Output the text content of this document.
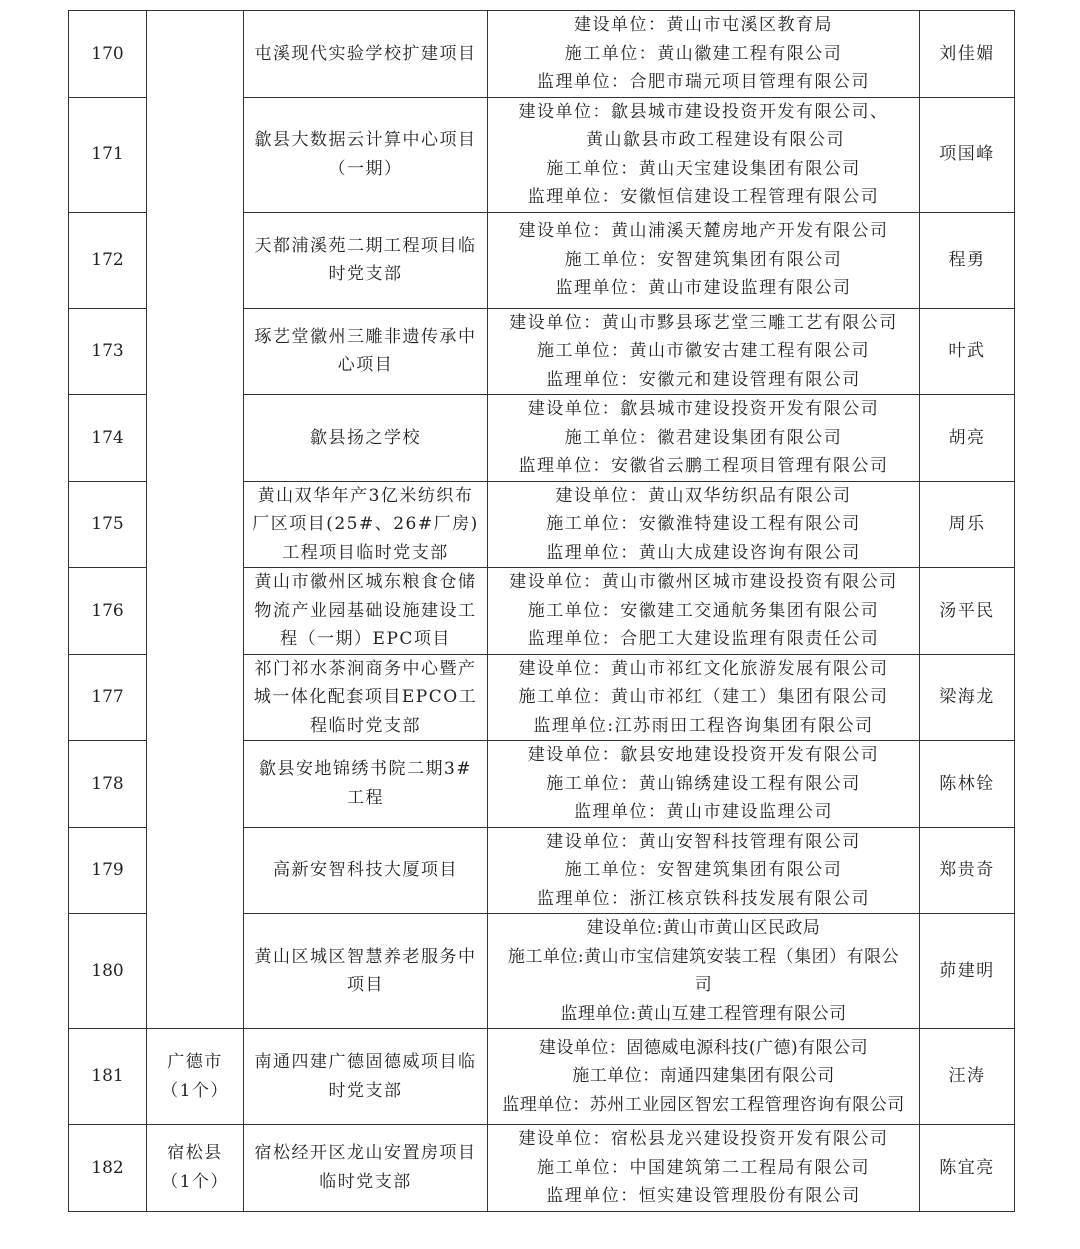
170		屯溪现代实验学校扩建项目	建设单位：黄山市屯溪区教育局
施工单位：黄山徽建工程有限公司
监理单位：合肥市瑞元项目管理有限公司	刘佳媚
171		歙县大数据云计算中心项目（一期）	建设单位：歙县城市建设投资开发有限公司、
黄山歙县市政工程建设有限公司
施工单位：黄山天宝建设集团有限公司
监理单位：安徽恒信建设工程管理有限公司	项国峰
172		天都浦溪苑二期工程项目临时党支部	建设单位：黄山浦溪天麓房地产开发有限公司
施工单位：安智建筑集团有限公司
监理单位：黄山市建设监理有限公司	程勇
173		琢艺堂徽州三雕非遗传承中心项目	建设单位：黄山市黟县琢艺堂三雕工艺有限公司
施工单位：黄山市徽安古建工程有限公司
监理单位：安徽元和建设管理有限公司	叶武
174		歙县扬之学校	建设单位：歙县城市建设投资开发有限公司
施工单位：徽君建设集团有限公司
监理单位：安徽省云鹏工程项目管理有限公司	胡亮
175		黄山双华年产3亿米纺织布厂区项目(25#、26#厂房)工程项目临时党支部	建设单位：黄山双华纺织品有限公司
施工单位：安徽淮特建设工程有限公司
监理单位：黄山大成建设咨询有限公司	周乐
176		黄山市徽州区城东粮食仓储物流产业园基础设施建设工程（一期）EPC项目	建设单位：黄山市徽州区城市建设投资有限公司
施工单位：安徽建工交通航务集团有限公司
监理单位：合肥工大建设监理有限责任公司	汤平民
177		祁门祁水茶涧商务中心暨产城一体化配套项目EPCO工程临时党支部	建设单位：黄山市祁红文化旅游发展有限公司
施工单位：黄山市祁红（建工）集团有限公司
监理单位:江苏雨田工程咨询集团有限公司	梁海龙
178		歙县安地锦绣书院二期3#工程	建设单位：歙县安地建设投资开发有限公司
施工单位：黄山锦绣建设工程有限公司
监理单位：黄山市建设监理公司	陈林铨
179		高新安智科技大厦项目	建设单位：黄山安智科技管理有限公司
施工单位：安智建筑集团有限公司
监理单位：浙江核京铁科技发展有限公司	郑贵奇
180		黄山区城区智慧养老服务中项目	建设单位:黄山市黄山区民政局
施工单位:黄山市宝信建筑安装工程（集团）有限公
司
监理单位:黄山互建工程管理有限公司	茆建明
181	广德市（1个）	南通四建广德固德威项目临时党支部	建设单位：固德威电源科技(广德)有限公司
施工单位：南通四建集团有限公司
监理单位：苏州工业园区智宏工程管理咨询有限公司	汪涛
182	宿松县（1个）	宿松经开区龙山安置房项目临时党支部	建设单位：宿松县龙兴建设投资开发有限公司
施工单位：中国建筑第二工程局有限公司
监理单位：恒实建设管理股份有限公司	陈宜亮
